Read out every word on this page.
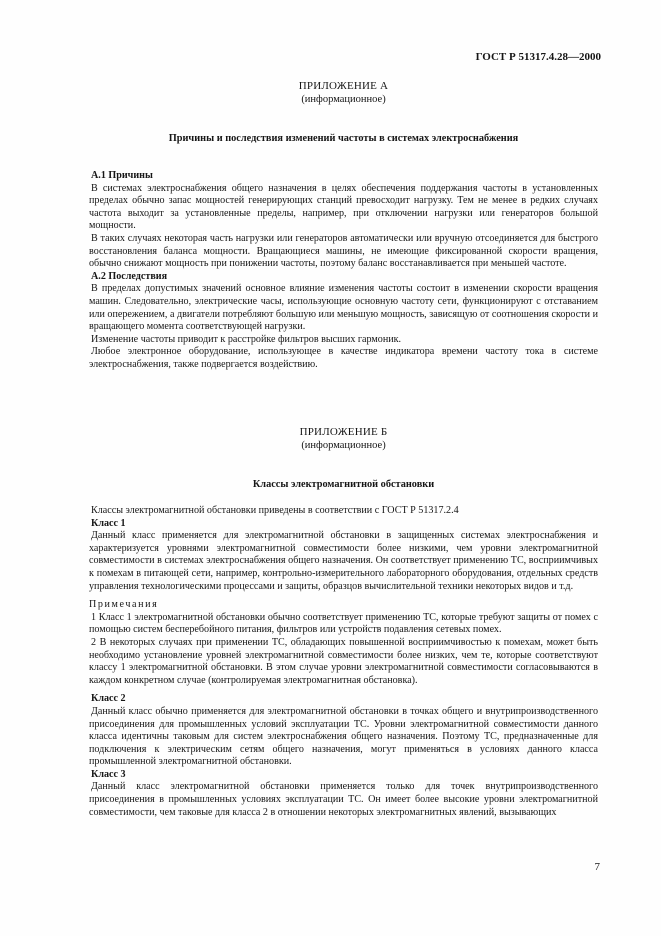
ГОСТ Р 51317.4.28—2000
ПРИЛОЖЕНИЕ А
(информационное)
Причины и последствия изменений частоты в системах электроснабжения
А.1 Причины

В системах электроснабжения общего назначения в целях обеспечения поддержания частоты в установленных пределах обычно запас мощностей генерирующих станций превосходит нагрузку. Тем не менее в редких случаях частота выходит за установленные пределы, например, при отключении нагрузки или генераторов большой мощности.

В таких случаях некоторая часть нагрузки или генераторов автоматически или вручную отсоединяется для быстрого восстановления баланса мощности. Вращающиеся машины, не имеющие фиксированной скорости вращения, обычно снижают мощность при понижении частоты, поэтому баланс восстанавливается при меньшей частоте.

А.2 Последствия

В пределах допустимых значений основное влияние изменения частоты состоит в изменении скорости вращения машин. Следовательно, электрические часы, использующие основную частоту сети, функционируют с отставанием или опережением, а двигатели потребляют большую или меньшую мощность, зависящую от соотношения скорости и вращающего момента соответствующей нагрузки.

Изменение частоты приводит к расстройке фильтров высших гармоник.

Любое электронное оборудование, использующее в качестве индикатора времени частоту тока в системе электроснабжения, также подвергается воздействию.

ПРИЛОЖЕНИЕ Б
(информационное)
Классы электромагнитной обстановки

Классы электромагнитной обстановки приведены в соответствии с ГОСТ Р 51317.2.4

Класс 1

Данный класс применяется для электромагнитной обстановки в защищенных системах электроснабжения и характеризуется уровнями электромагнитной совместимости более низкими, чем уровни электромагнитной совместимости в системах электроснабжения общего назначения. Он соответствует применению ТС, восприимчивых к помехам в питающей сети, например, контрольно-измерительного лабораторного оборудования, отдельных средств управления технологическими процессами и защиты, образцов вычислительной техники некоторых видов и т.д.

Примечания

1 Класс 1 электромагнитной обстановки обычно соответствует применению ТС, которые требуют защиты от помех с помощью систем бесперебойного питания, фильтров или устройств подавления сетевых помех.

2 В некоторых случаях при применении ТС, обладающих повышенной восприимчивостью к помехам, может быть необходимо установление уровней электромагнитной совместимости более низких, чем те, которые соответствуют классу 1 электромагнитной обстановки. В этом случае уровни электромагнитной совместимости согласовываются в каждом конкретном случае (контролируемая электромагнитная обстановка).

Класс 2

Данный класс обычно применяется для электромагнитной обстановки в точках общего и внутрипроизводственного присоединения для промышленных условий эксплуатации ТС. Уровни электромагнитной совместимости данного класса идентичны таковым для систем электроснабжения общего назначения. Поэтому ТС, предназначенные для подключения к электрическим сетям общего назначения, могут применяться в условиях данного класса промышленной электромагнитной обстановки.

Класс 3

Данный класс электромагнитной обстановки применяется только для точек внутрипроизводственного присоединения в промышленных условиях эксплуатации ТС. Он имеет более высокие уровни электромагнитной совместимости, чем таковые для класса 2 в отношении некоторых электромагнитных явлений, вызывающих

7
